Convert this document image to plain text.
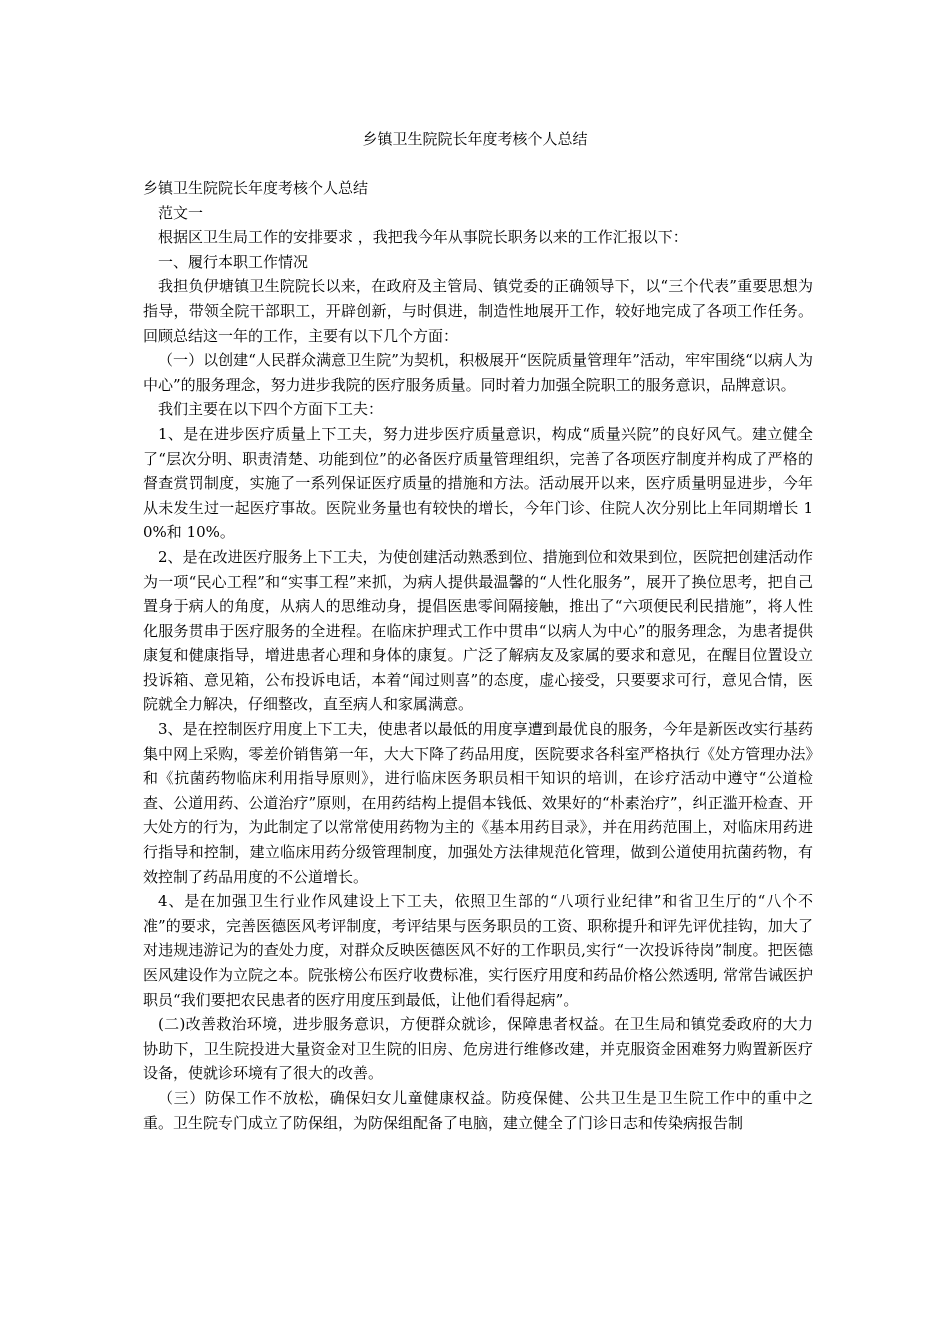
乡镇卫生院院长年度考核个人总结

乡镇卫生院院长年度考核个人总结

范文一

根据区卫生局工作的安排要求 ，我把我今年从事院长职务以来的工作汇报以下：

一、履行本职工作情况

我担负伊塘镇卫生院院长以来，在政府及主管局、镇党委的正确领导下，以“三个代表”重要思想为指导，带领全院干部职工，开辟创新，与时俱进，制造性地展开工作，较好地完成了各项工作任务。回顾总结这一年的工作，主要有以下几个方面：

（一）以创建“人民群众满意卫生院”为契机，积极展开“医院质量管理年”活动，牢牢围绕“以病人为中心”的服务理念，努力进步我院的医疗服务质量。同时着力加强全院职工的服务意识，品牌意识。

我们主要在以下四个方面下工夫：

1、是在进步医疗质量上下工夫，努力进步医疗质量意识，构成“质量兴院”的良好风气。建立健全了“层次分明、职责清楚、功能到位”的必备医疗质量管理组织，完善了各项医疗制度并构成了严格的督查赏罚制度，实施了一系列保证医疗质量的措施和方法。活动展开以来，医疗质量明显进步，今年从未发生过一起医疗事故。医院业务量也有较快的增长，今年门诊、住院人次分别比上年同期增长 10%和 10%。

2、是在改进医疗服务上下工夫，为使创建活动熟悉到位、措施到位和效果到位，医院把创建活动作为一项“民心工程”和“实事工程”来抓，为病人提供最温馨的“人性化服务”，展开了换位思考，把自己置身于病人的角度，从病人的思维动身，提倡医患零间隔接触，推出了“六项便民利民措施”，将人性化服务贯串于医疗服务的全进程。在临床护理式工作中贯串“以病人为中心”的服务理念，为患者提供康复和健康指导，增进患者心理和身体的康复。广泛了解病友及家属的要求和意见，在醒目位置设立投诉箱、意见箱，公布投诉电话，本着“闻过则喜”的态度，虚心接受，只要要求可行，意见合情，医院就全力解决，仔细整改，直至病人和家属满意。

3、是在控制医疗用度上下工夫，使患者以最低的用度享遭到最优良的服务，今年是新医改实行基药集中网上采购，零差价销售第一年，大大下降了药品用度，医院要求各科室严格执行《处方管理办法》和《抗菌药物临床利用指导原则》，进行临床医务职员相干知识的培训，在诊疗活动中遵守“公道检查、公道用药、公道治疗”原则，在用药结构上提倡本钱低、效果好的“朴素治疗”，纠正滥开检查、开大处方的行为，为此制定了以常常使用药物为主的《基本用药目录》，并在用药范围上，对临床用药进行指导和控制，建立临床用药分级管理制度，加强处方法律规范化管理，做到公道使用抗菌药物，有效控制了药品用度的不公道增长。

4、是在加强卫生行业作风建设上下工夫，依照卫生部的“八项行业纪律”和省卫生厅的“八个不准”的要求，完善医德医风考评制度，考评结果与医务职员的工资、职称提升和评先评优挂钩，加大了对违规违游记为的查处力度，对群众反映医德医风不好的工作职员,实行“一次投诉待岗”制度。把医德医风建设作为立院之本。院张榜公布医疗收费标准，实行医疗用度和药品价格公然透明, 常常告诫医护职员“我们要把农民患者的医疗用度压到最低，让他们看得起病”。

(二)改善救治环境，进步服务意识，方便群众就诊，保障患者权益。在卫生局和镇党委政府的大力协助下，卫生院投进大量资金对卫生院的旧房、危房进行维修改建，并克服资金困难努力购置新医疗设备，使就诊环境有了很大的改善。

（三）防保工作不放松，确保妇女儿童健康权益。防疫保健、公共卫生是卫生院工作中的重中之重。卫生院专门成立了防保组，为防保组配备了电脑，建立健全了门诊日志和传染病报告制
